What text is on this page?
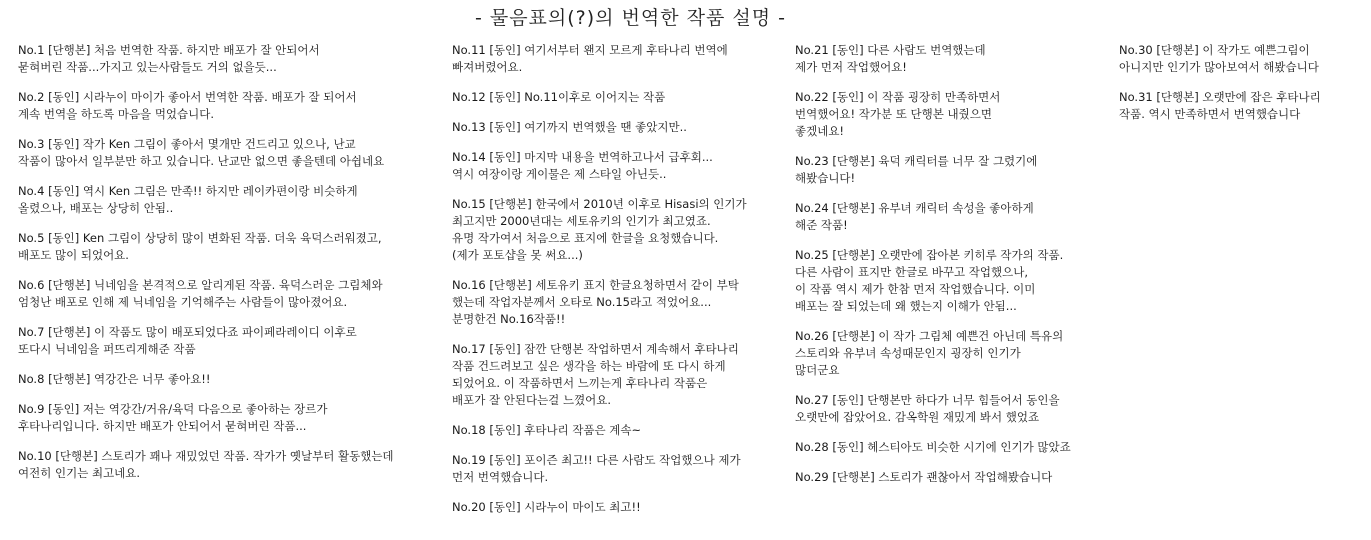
- 물음표의(?)의 번역한 작품 설명 -
No.1 [단행본] 처음 번역한 작품. 하지만 배포가 잘 안되어서
묻혀버린 작품...가지고 있는사람들도 거의 없을듯...
No.2 [동인] 시라누이 마이가 좋아서 번역한 작품. 배포가 잘 되어서
계속 번역을 하도록 마음을 먹었습니다.
No.3 [동인] 작가 Ken 그림이 좋아서 몇개만 건드리고 있으나, 난교
작품이 많아서 일부분만 하고 있습니다. 난교만 없으면 좋을텐데 아쉽네요
No.4 [동인] 역시 Ken 그림은 만족!! 하지만 레이카편이랑 비슷하게
올렸으나, 배포는 상당히 안됨..
No.5 [동인] Ken 그림이 상당히 많이 변화된 작품. 더욱 육덕스러워졌고,
배포도 많이 되었어요.
No.6 [단행본] 닉네임을 본격적으로 알리게된 작품. 육덕스러운 그림체와
엄청난 배포로 인해 제 닉네임을 기억해주는 사람들이 많아졌어요.
No.7 [단행본] 이 작품도 많이 배포되었다죠 파이페라레이디 이후로
또다시 닉네임을 퍼뜨리게해준 작품
No.8 [단행본] 역강간은 너무 좋아요!!
No.9 [동인] 저는 역강간/거유/육덕 다음으로 좋아하는 장르가
후타나리입니다. 하지만 배포가 안되어서 묻혀버린 작품...
No.10 [단행본] 스토리가 꽤나 재밌었던 작품. 작가가 옛날부터 활동했는데
여전히 인기는 최고네요.
No.11 [동인] 여기서부터 왠지 모르게 후타나리 번역에
빠져버렸어요.
No.12 [동인] No.11이후로 이어지는 작품
No.13 [동인] 여기까지 번역했을 땐 좋았지만..
No.14 [동인] 마지막 내용을 번역하고나서 급후회...
역시 여장이랑 게이물은 제 스타일 아닌듯..
No.15 [단행본] 한국에서 2010년 이후로 Hisasi의 인기가
최고지만 2000년대는 세토유키의 인기가 최고였죠.
유명 작가여서 처음으로 표지에 한글을 요청했습니다.
(제가 포토샵을 못 써요...)
No.16 [단행본] 세토유키 표지 한글요청하면서 같이 부탁
했는데 작업자분께서 오타로 No.15라고 적었어요...
분명한건 No.16작품!!
No.17 [동인] 잠깐 단행본 작업하면서 계속해서 후타나리
작품 건드려보고 싶은 생각을 하는 바람에 또 다시 하게
되었어요. 이 작품하면서 느끼는게 후타나리 작품은
배포가 잘 안된다는걸 느꼈어요.
No.18 [동인] 후타나리 작품은 계속~
No.19 [동인] 포이즌 최고!! 다른 사람도 작업했으나 제가
먼저 번역했습니다.
No.20 [동인] 시라누이 마이도 최고!!
No.21 [동인] 다른 사람도 번역했는데
제가 먼저 작업했어요!
No.22 [동인] 이 작품 굉장히 만족하면서
번역했어요! 작가분 또 단행본 내줬으면
좋겠네요!
No.23 [단행본] 육덕 캐릭터를 너무 잘 그렸기에
해봤습니다!
No.24 [단행본] 유부녀 캐릭터 속성을 좋아하게
해준 작품!
No.25 [단행본] 오랫만에 잡아본 키히루 작가의 작품.
다른 사람이 표지만 한글로 바꾸고 작업했으나,
이 작품 역시 제가 한참 먼저 작업했습니다. 이미
배포는 잘 되었는데 왜 했는지 이해가 안됨...
No.26 [단행본] 이 작가 그림체 예쁜건 아닌데 특유의
스토리와 유부녀 속성때문인지 굉장히 인기가
많더군요
No.27 [동인] 단행본만 하다가 너무 힘들어서 동인을
오랫만에 잡았어요. 감옥학원 재밌게 봐서 했었죠
No.28 [동인] 헤스티아도 비슷한 시기에 인기가 많았죠
No.29 [단행본] 스토리가 괜찮아서 작업해봤습니다
No.30 [단행본] 이 작가도 예쁜그림이
아니지만 인기가 많아보여서 해봤습니다
No.31 [단행본] 오랫만에 잡은 후타나리
작품. 역시 만족하면서 번역했습니다
